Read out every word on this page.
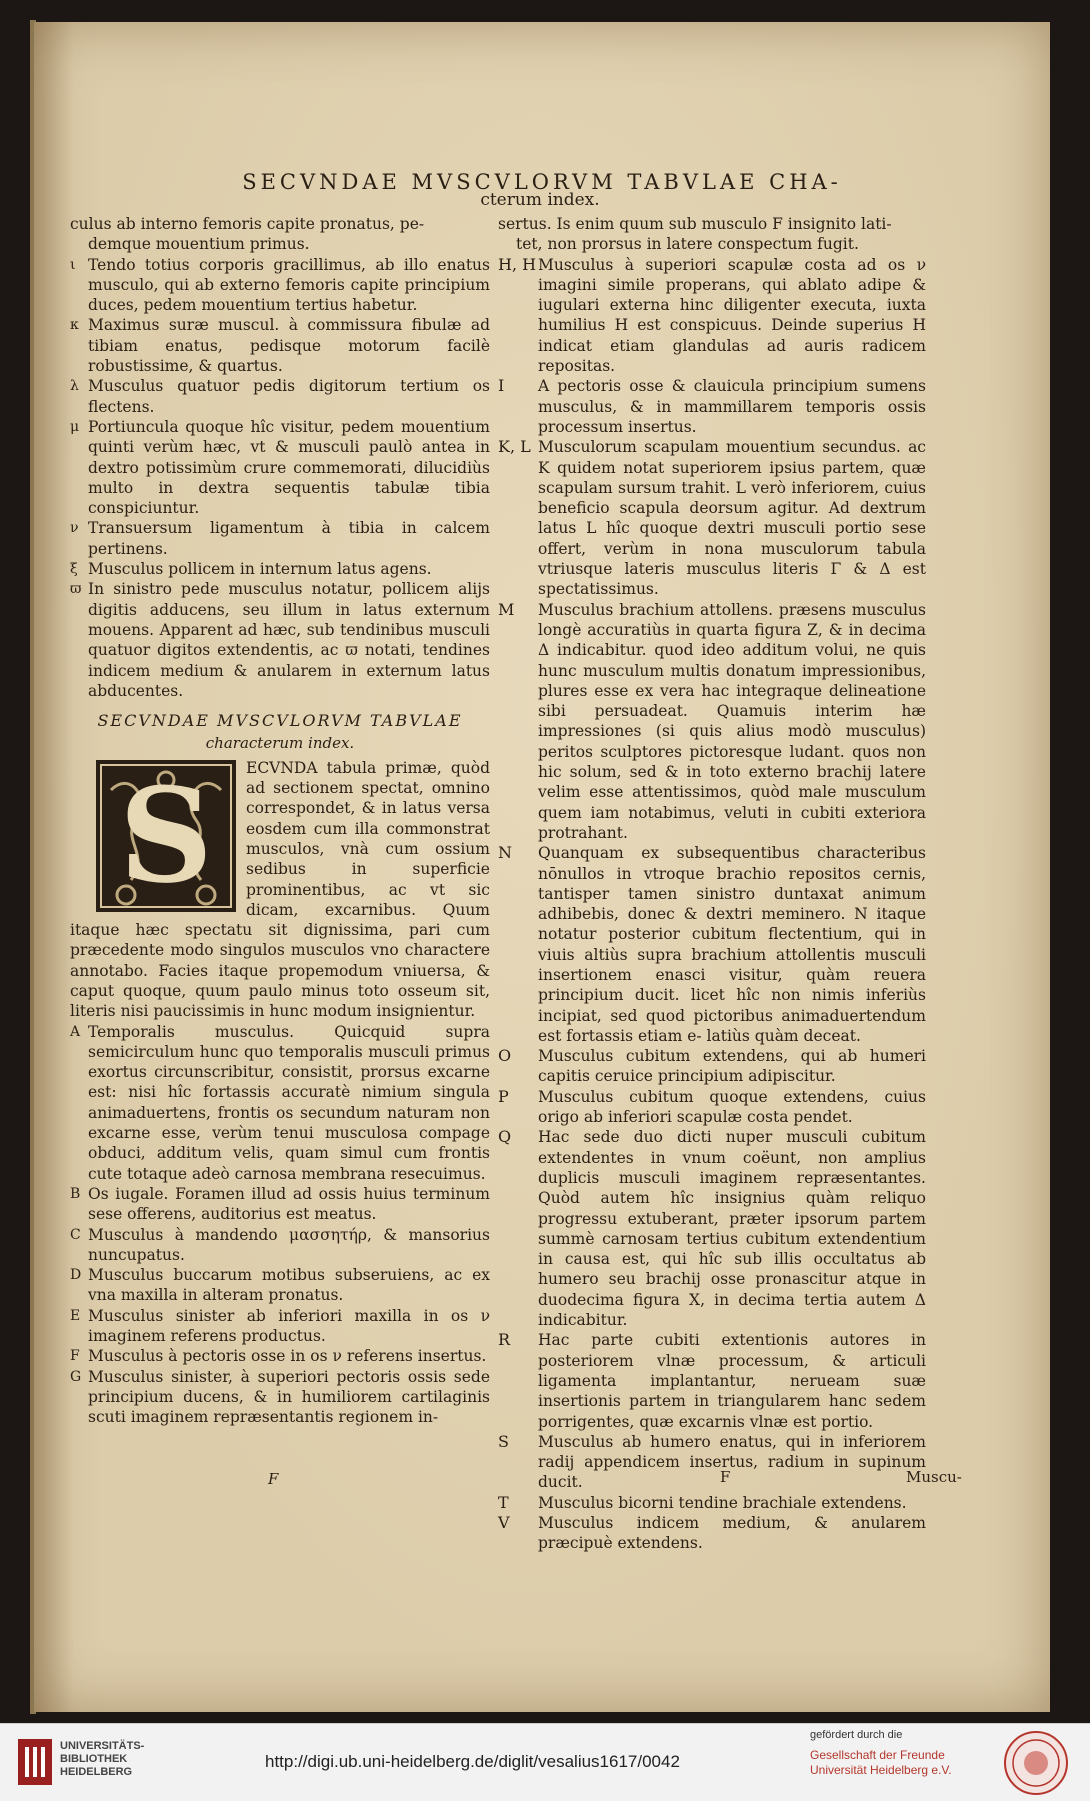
SECVNDAE MVSCVLORVM TABVLAE CHA-
cterum index.

culus ab interno femoris capite pronatus, pe-

demque mouentium primus.

ι Tendo totius corporis gracillimus, ab illo enatus musculo, qui ab externo femoris capite principium duces, pedem mouentium tertius habetur.
κ Maximus suræ muscul. à commissura fibulæ ad tibiam enatus, pedisque motorum facilè robustissime, & quartus.
λ Musculus quatuor pedis digitorum tertium os flectens.
μ Portiuncula quoque hîc visitur, pedem mouentium quinti verùm hæc, vt & musculi paulò antea in dextro potissimùm crure commemorati, dilucidiùs multo in dextra sequentis tabulæ tibia conspiciuntur.
ν Transuersum ligamentum à tibia in calcem pertinens.
ξ Musculus pollicem in internum latus agens.
ϖ In sinistro pede musculus notatur, pollicem alijs digitis adducens, seu illum in latus externum mouens. Apparent ad hæc, sub tendinibus musculi quatuor digitos extendentis, ac ϖ notati, tendines indicem medium & anularem in externum latus abducentes.
SECVNDAE MVSCVLORVM TABVLAE
characterum index.
S	ECVNDA tabula primæ, quòd ad sectionem spectat, omnino correspondet, & in latus versa eosdem cum illa commonstrat musculos, vnà cum ossium sedibus in superficie prominentibus, ac vt sic dicam, excarnibus. Quum itaque hæc spectatu sit dignissima, pari cum præcedente modo singulos musculos vno charactere annotabo. Facies itaque propemodum vniuersa, & caput quoque, quum paulo minus toto osseum sit, literis nisi paucissimis in hunc modum insignientur.

A Temporalis musculus. Quicquid supra semicirculum hunc quo temporalis musculi primus exortus circunscribitur, consistit, prorsus excarne est: nisi hîc fortassis accuratè nimium singula animaduertens, frontis os secundum naturam non excarne esse, verùm tenui musculosa compage obduci, additum velis, quam simul cum frontis cute totaque adeò carnosa membrana resecuimus.
B Os iugale. Foramen illud ad ossis huius terminum sese offerens, auditorius est meatus.
C Musculus à mandendo μασσητήρ, & mansorius nuncupatus.
D Musculus buccarum motibus subseruiens, ac ex vna maxilla in alteram pronatus.
E Musculus sinister ab inferiori maxilla in os ν imaginem referens productus.
F Musculus à pectoris osse in os ν referens insertus.
G Musculus sinister, à superiori pectoris ossis sede principium ducens, & in humiliorem cartilaginis scuti imaginem repræsentantis regionem in-

sertus. Is enim quum sub musculo F insignito lati-

tet, non prorsus in latere conspectum fugit.

H, H Musculus à superiori scapulæ costa ad os ν imagini simile properans, qui ablato adipe & iugulari externa hinc diligenter executa, iuxta humilius H est conspicuus. Deinde superius H indicat etiam glandulas ad auris radicem repositas.
I	A pectoris osse & clauicula principium sumens musculus, & in mammillarem temporis ossis processum insertus.
K, L Musculorum scapulam mouentium secundus. ac K quidem notat superiorem ipsius partem, quæ scapulam sursum trahit. L verò inferiorem, cuius beneficio scapula deorsum agitur. Ad dextrum latus L hîc quoque dextri musculi portio sese offert, verùm in nona musculorum tabula vtriusque lateris musculus literis Γ & Δ est spectatissimus.
M	Musculus brachium attollens. præsens musculus longè accuratiùs in quarta figura Ζ, & in decima Δ indicabitur. quod ideo additum volui, ne quis hunc musculum multis donatum impressionibus, plures esse ex vera hac integraque delineatione sibi persuadeat. Quamuis interim hæ impressiones (si quis alius modò musculus) peritos sculptores pictoresque ludant. quos non hic solum, sed & in toto externo brachij latere velim esse attentissimos, quòd male musculum quem iam notabimus, veluti in cubiti exteriora protrahant.
N	Quanquam ex subsequentibus characteribus nōnullos in vtroque brachio repositos cernis, tantisper tamen sinistro duntaxat animum adhibebis, donec & dextri meminero. N itaque notatur posterior cubitum flectentium, qui in viuis altiùs supra brachium attollentis musculi insertionem enasci visitur, quàm reuera principium ducit. licet hîc non nimis inferiùs incipiat, sed quod pictoribus animaduertendum est fortassis etiam e- latiùs quàm deceat.
O	Musculus cubitum extendens, qui ab humeri capitis ceruice principium adipiscitur.
P	Musculus cubitum quoque extendens, cuius origo ab inferiori scapulæ costa pendet.
Q	Hac sede duo dicti nuper musculi cubitum extendentes in vnum coëunt, non amplius duplicis musculi imaginem repræsentantes. Quòd autem hîc insignius quàm reliquo progressu extuberant, præter ipsorum partem summè carnosam tertius cubitum extendentium in causa est, qui hîc sub illis occultatus ab humero seu brachij osse pronascitur atque in duodecima figura X, in decima tertia autem Δ indicabitur.
R	Hac parte cubiti extentionis autores in posteriorem vlnæ processum, & articuli ligamenta implantantur, nerueam suæ insertionis partem in triangularem hanc sedem porrigentes, quæ excarnis vlnæ est portio.
S	Musculus ab humero enatus, qui in inferiorem radij appendicem insertus, radium in supinum ducit.
T	Musculus bicorni tendine brachiale extendens.
V	Musculus indicem medium, & anularem præcipuè extendens.
F	F	Muscu-
UNIVERSITÄTS-
BIBLIOTHEK
HEIDELBERG
http://digi.ub.uni-heidelberg.de/diglit/vesalius1617/0042
gefördert durch die
Gesellschaft der Freunde
Universität Heidelberg e.V.
